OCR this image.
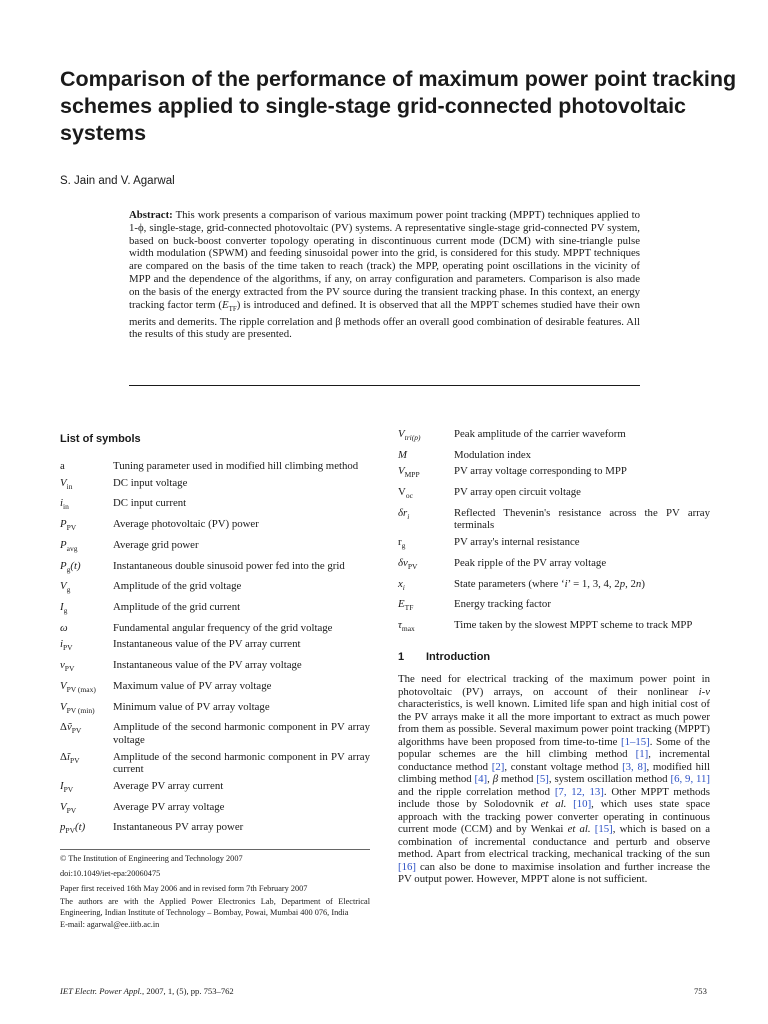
Comparison of the performance of maximum power point tracking schemes applied to single-stage grid-connected photovoltaic systems
S. Jain and V. Agarwal
Abstract: This work presents a comparison of various maximum power point tracking (MPPT) techniques applied to 1-ϕ, single-stage, grid-connected photovoltaic (PV) systems. A representative single-stage grid-connected PV system, based on buck-boost converter topology operating in discontinuous current mode (DCM) with sine-triangle pulse width modulation (SPWM) and feeding sinusoidal power into the grid, is considered for this study. MPPT techniques are compared on the basis of the time taken to reach (track) the MPP, operating point oscillations in the vicinity of MPP and the dependence of the algorithms, if any, on array configuration and parameters. Comparison is also made on the basis of the energy extracted from the PV source during the transient tracking phase. In this context, an energy tracking factor term $(E_{TF})$ is introduced and defined. It is observed that all the MPPT schemes studied have their own merits and demerits. The ripple correlation and β methods offer an overall good combination of desirable features. All the results of this study are presented.
List of symbols
a	Tuning parameter used in modified hill climbing method
$V_{in}$	DC input voltage
$i_{in}$	DC input current
$P_{PV}$	Average photovoltaic (PV) power
$P_{avg}$	Average grid power
$P_g(t)$	Instantaneous double sinusoid power fed into the grid
$V_g$	Amplitude of the grid voltage
$I_g$	Amplitude of the grid current
ω	Fundamental angular frequency of the grid voltage
$i_{PV}$	Instantaneous value of the PV array current
$v_{PV}$	Instantaneous value of the PV array voltage
$V_{PV (max)}$	Maximum value of PV array voltage
$V_{PV (min)}$	Minimum value of PV array voltage
Δṽ$_{PV}$	Amplitude of the second harmonic component in PV array voltage
$\Delta ĩ_{PV}$	Amplitude of the second harmonic component in PV array current
$I_{PV}$	Average PV array current
$V_{PV}$	Average PV array voltage
$p_{PV}(t)$	Instantaneous PV array power
$V_{tri(p)}$	Peak amplitude of the carrier waveform
M	Modulation index
$V_{MPP}$	PV array voltage corresponding to MPP
$V_{oc}$	PV array open circuit voltage
$\delta r_i$	Reflected Thevenin's resistance across the PV array terminals
$r_g$	PV array's internal resistance
$\delta v_{PV}$	Peak ripple of the PV array voltage
$x_i$	State parameters (where ‘i’ = 1, 3, 4, 2p, 2n)
$E_{TF}$	Energy tracking factor
$\tau_{max}$	Time taken by the slowest MPPT scheme to track MPP

© The Institution of Engineering and Technology 2007

doi:10.1049/iet-epa:20060475

Paper first received 16th May 2006 and in revised form 7th February 2007

The authors are with the Applied Power Electronics Lab, Department of Electrical Engineering, Indian Institute of Technology – Bombay, Powai, Mumbai 400 076, India

E-mail: agarwal@ee.iitb.ac.in

1 Introduction
The need for electrical tracking of the maximum power point in photovoltaic (PV) arrays, on account of their nonlinear i-v characteristics, is well known. Limited life span and high initial cost of the PV arrays make it all the more important to extract as much power from them as possible. Several maximum power point tracking (MPPT) algorithms have been proposed from time-to-time [1–15]. Some of the popular schemes are the hill climbing method [1], incremental conductance method [2], constant voltage method [3, 8], modified hill climbing method [4], β method [5], system oscillation method [6, 9, 11] and the ripple correlation method [7, 12, 13]. Other MPPT methods include those by Solodovnik et al. [10], which uses state space approach with the tracking power converter operating in continuous current mode (CCM) and by Wenkai et al. [15], which is based on a combination of incremental conductance and perturb and observe method. Apart from electrical tracking, mechanical tracking of the sun [16] can also be done to maximise insolation and further increase the PV output power. However, MPPT alone is not sufficient.
IET Electr. Power Appl., 2007, 1, (5), pp. 753–762	753
